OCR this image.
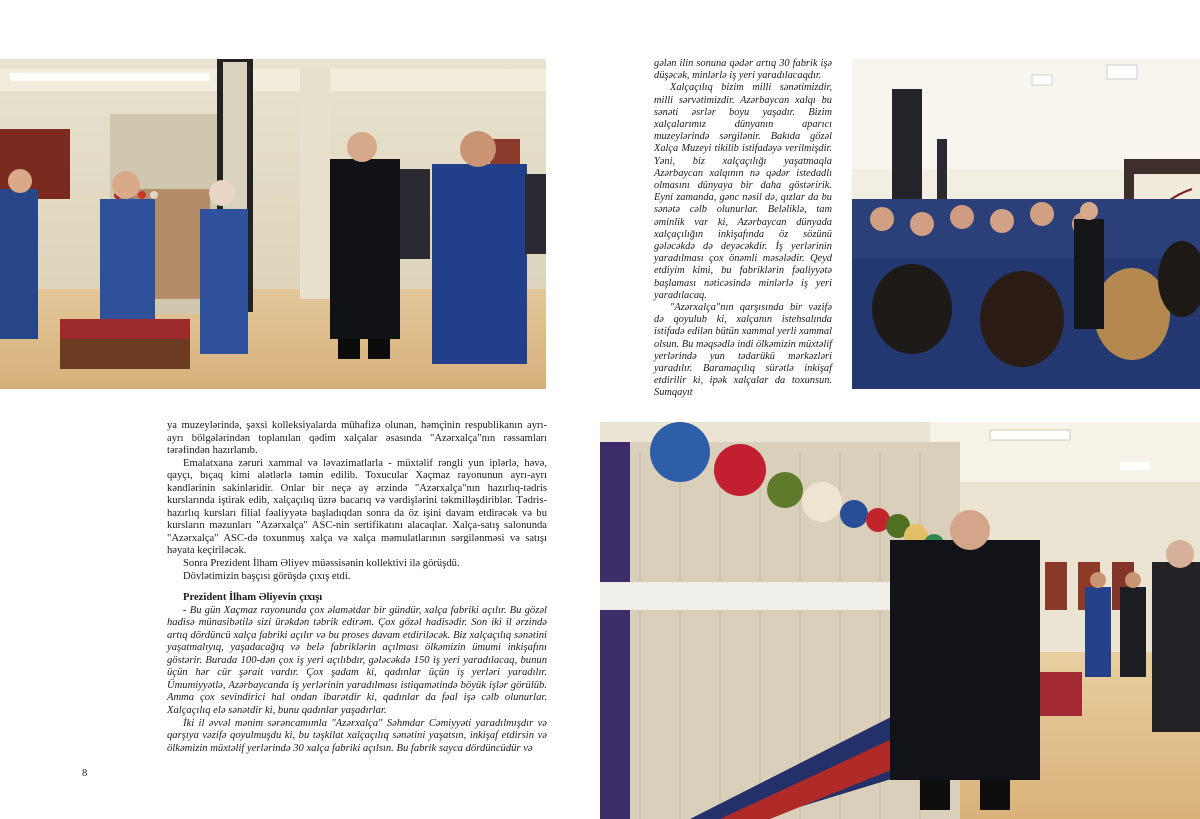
gələn ilin sonuna qədər artıq 30 fabrik işə düşəcək, minlərlə iş yeri yaradılacaqdır.

Xalçaçılıq bizim milli sənətimizdir, milli sərvətimizdir. Azərbaycan xalqı bu sənəti əsrlər boyu yaşadır. Bizim xalçalarımız dünyanın aparıcı muzeylərində sərgilənir. Bakıda gözəl Xalça Muzeyi tikilib istifadəyə verilmişdir. Yəni, biz xalçaçılığı yaşatmaqla Azərbaycan xalqının nə qədər istedadlı olmasını dünyaya bir daha göstəririk. Eyni zamanda, gənc nəsil də, qızlar da bu sənətə cəlb olunurlar. Beləliklə, tam əminlik var ki, Azərbaycan dünyada xalçaçılığın inkişafında öz sözünü gələcəkdə də deyəcəkdir. İş yerlərinin yaradılması çox önəmli məsələdir. Qeyd etdiyim kimi, bu fabriklərin fəaliyyətə başlaması nəticəsində minlərlə iş yeri yaradılacaq.

"Azərxalça"nın qarşısında bir vəzifə də qoyulub ki, xalçanın istehsalında istifadə edilən bütün xammal yerli xammal olsun. Bu məqsədlə indi ölkəmizin müxtəlif yerlərində yun tədarükü mərkəzləri yaradılır. Baramaçılıq sürətlə inkişaf etdirilir ki, ipək xalçalar da toxunsun. Sumqayıt

ya muzeylərində, şəxsi kolleksiyalarda mühafizə olunan, həmçinin respublikanın ayrı-ayrı bölgələrindən toplanılan qədim xalçalar əsasında "Azərxalça"nın rəssamları tərəfindən hazırlanıb.

Emalatxana zəruri xammal və ləvazimatlarla - müxtəlif rəngli yun iplərlə, həvə, qayçı, bıçaq kimi alətlərlə təmin edilib. Toxucular Xaçmaz rayonunun ayrı-ayrı kəndlərinin sakinləridir. Onlar bir neçə ay ərzində "Azərxalça"nın hazırlıq-tədris kurslarında iştirak edib, xalçaçılıq üzrə bacarıq və vərdişlərini təkmilləşdiriblər. Tədris-hazırlıq kursları filial fəaliyyətə başladıqdan sonra da öz işini davam etdirəcək və bu kursların məzunları "Azərxalça" ASC-nin sertifikatını alacaqlar. Xalça-satış salonunda "Azərxalça" ASC-də toxunmuş xalça və xalça məmulatlarının sərgilənməsi və satışı həyata keçiriləcək.

Sonra Prezident İlham Əliyev müəssisənin kollektivi ilə görüşdü.

Dövlətimizin başçısı görüşdə çıxış etdi.

Prezident İlham Əliyevin çıxışı

- Bu gün Xaçmaz rayonunda çox əlamətdar bir gündür, xalça fabriki açılır. Bu gözəl hadisə münasibətilə sizi ürəkdən təbrik edirəm. Çox gözəl hadisədir. Son iki il ərzində artıq dördüncü xalça fabriki açılır və bu proses davam etdiriləcək. Biz xalçaçılıq sənətini yaşatmalıyıq, yaşadacağıq və belə fabriklərin açılması ölkəmizin ümumi inkişafını göstərir. Burada 100-dən çox iş yeri açılıbdır, gələcəkdə 150 iş yeri yaradılacaq, bunun üçün hər cür şərait vardır. Çox şadam ki, qadınlar üçün iş yerləri yaradılır. Ümumiyyətlə, Azərbaycanda iş yerlərinin yaradılması istiqamətində böyük işlər görülüb. Amma çox sevindirici hal ondan ibarətdir ki, qadınlar da fəal işə cəlb olunurlar. Xalçaçılıq elə sənətdir ki, bunu qadınlar yaşadırlar.

İki il əvvəl mənim sərəncamımla "Azərxalça" Səhmdar Cəmiyyəti yaradılmışdır və qarşıya vəzifə qoyulmuşdu ki, bu təşkilat xalçaçılıq sənətini yaşatsın, inkişaf etdirsin və ölkəmizin müxtəlif yerlərində 30 xalça fabriki açılsın. Bu fabrik sayca dördüncüdür və

8
